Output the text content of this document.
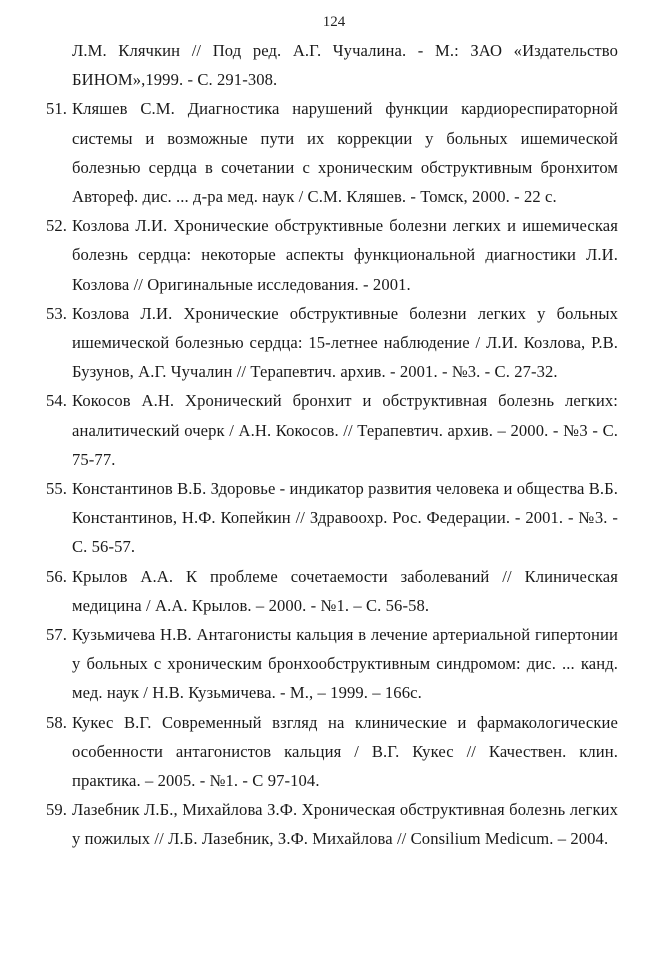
124

Л.М. Клячкин // Под ред. А.Г. Чучалина. - М.: ЗАО «Издательство БИНОМ»,1999. - С. 291-308.

51. Кляшев С.М. Диагностика нарушений функции кардиореспираторной системы и возможные пути их коррекции у больных ишемической болезнью сердца в сочетании с хроническим обструктивным бронхитом Автореф. дис. ... д-ра мед. наук / С.М. Кляшев. - Томск, 2000. - 22 с.

52. Козлова Л.И. Хронические обструктивные болезни легких и ишемическая болезнь сердца: некоторые аспекты функциональной диагностики Л.И. Козлова // Оригинальные исследования. - 2001.

53. Козлова Л.И. Хронические обструктивные болезни легких у больных ишемической болезнью сердца: 15-летнее наблюдение / Л.И. Козлова, Р.В. Бузунов, А.Г. Чучалин // Терапевтич. архив. - 2001. - №3. - С. 27-32.

54. Кокосов А.Н. Хронический бронхит и обструктивная болезнь легких: аналитический очерк / А.Н. Кокосов. // Терапевтич. архив. – 2000. - №3 - С. 75-77.

55. Константинов В.Б. Здоровье - индикатор развития человека и общества В.Б. Константинов, Н.Ф. Копейкин // Здравоохр. Рос. Федерации. - 2001. - №3. - С. 56-57.

56. Крылов А.А. К проблеме сочетаемости заболеваний // Клиническая медицина / А.А. Крылов. – 2000. - №1. – С. 56-58.

57. Кузьмичева Н.В. Антагонисты кальция в лечение артериальной гипертонии у больных с хроническим бронхообструктивным синдромом: дис. ... канд. мед. наук / Н.В. Кузьмичева. - М., – 1999. – 166с.

58. Кукес В.Г. Современный взгляд на клинические и фармакологические особенности антагонистов кальция / В.Г. Кукес // Качествен. клин. практика. – 2005. - №1. - С 97-104.

59. Лазебник Л.Б., Михайлова З.Ф. Хроническая обструктивная болезнь легких у пожилых // Л.Б. Лазебник, З.Ф. Михайлова // Consilium Medicum. – 2004.
